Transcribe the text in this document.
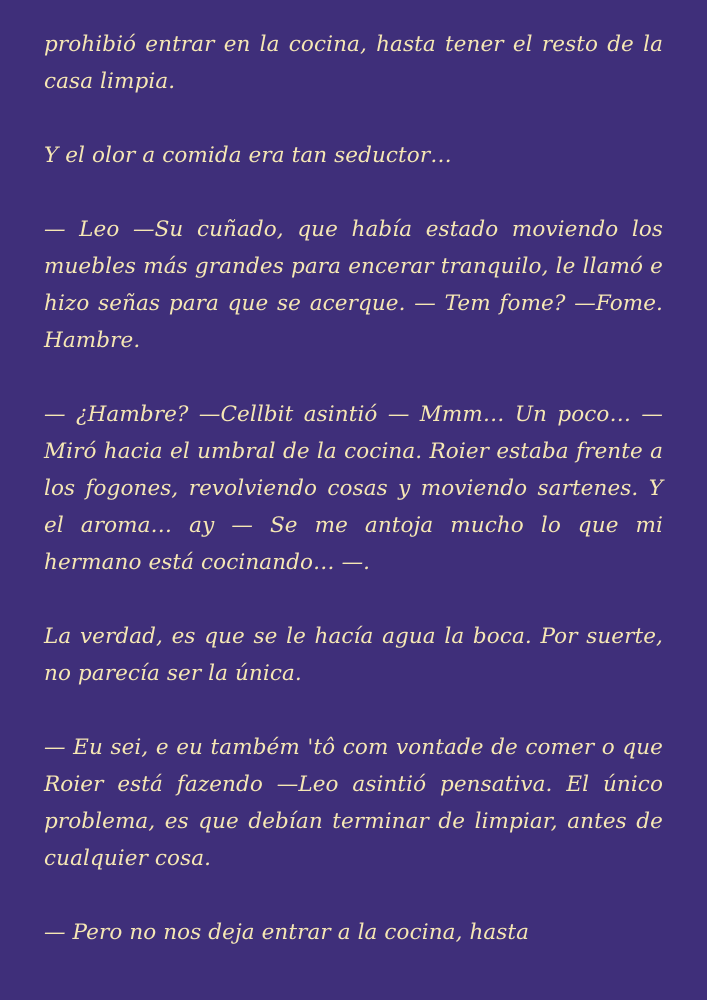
prohibió entrar en la cocina, hasta tener el resto de la casa limpia.

Y el olor a comida era tan seductor…

— Leo —Su cuñado, que había estado moviendo los muebles más grandes para encerar tranquilo, le llamó e hizo señas para que se acerque. — Tem fome? —Fome. Hambre.

— ¿Hambre? —Cellbit asintió — Mmm… Un poco… —Miró hacia el umbral de la cocina. Roier estaba frente a los fogones, revolviendo cosas y moviendo sartenes. Y el aroma… ay — Se me antoja mucho lo que mi hermano está cocinando… —.

La verdad, es que se le hacía agua la boca. Por suerte, no parecía ser la única.

— Eu sei, e eu também 'tô com vontade de comer o que Roier está fazendo —Leo asintió pensativa. El único problema, es que debían terminar de limpiar, antes de cualquier cosa.

— Pero no nos deja entrar a la cocina, hasta
